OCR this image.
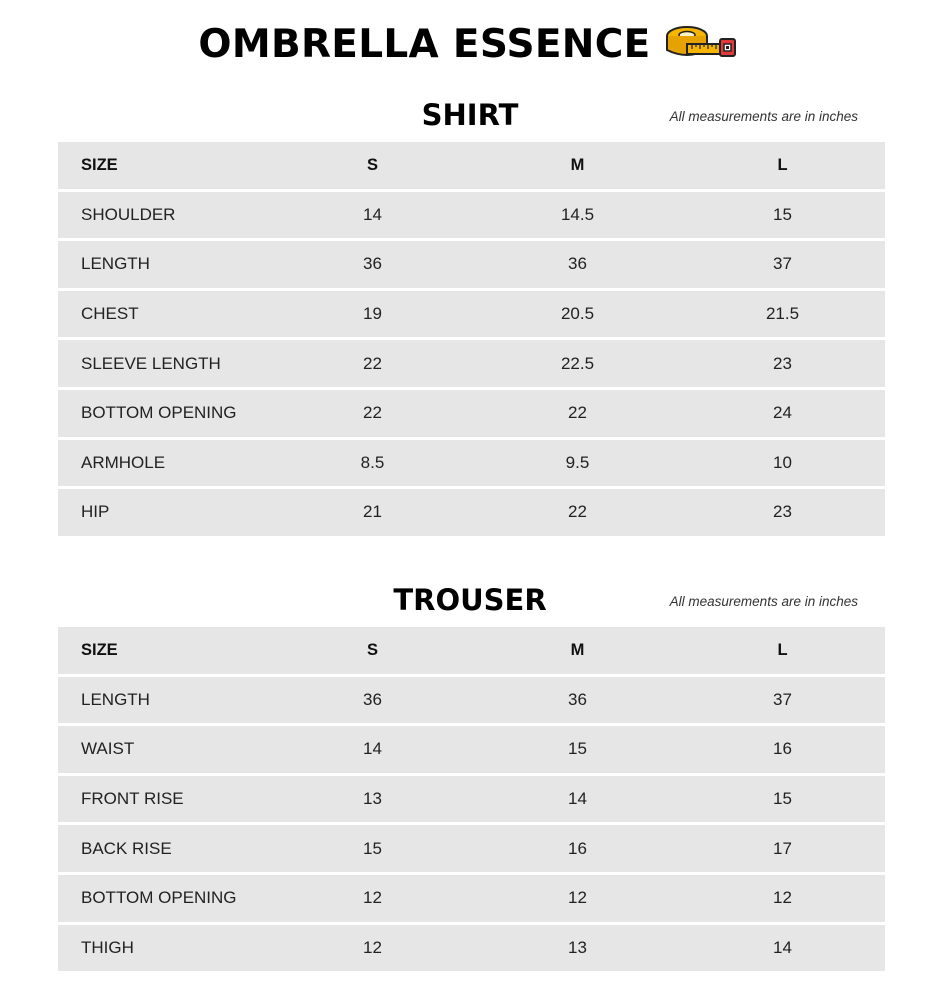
OMBRELLA ESSENCE
SHIRT	All measurements are in inches
SIZE	S	M	L
SHOULDER	14	14.5	15
LENGTH	36	36	37
CHEST	19	20.5	21.5
SLEEVE LENGTH	22	22.5	23
BOTTOM OPENING	22	22	24
ARMHOLE	8.5	9.5	10
HIP	21	22	23
TROUSER	All measurements are in inches
SIZE	S	M	L
LENGTH	36	36	37
WAIST	14	15	16
FRONT RISE	13	14	15
BACK RISE	15	16	17
BOTTOM OPENING	12	12	12
THIGH	12	13	14
